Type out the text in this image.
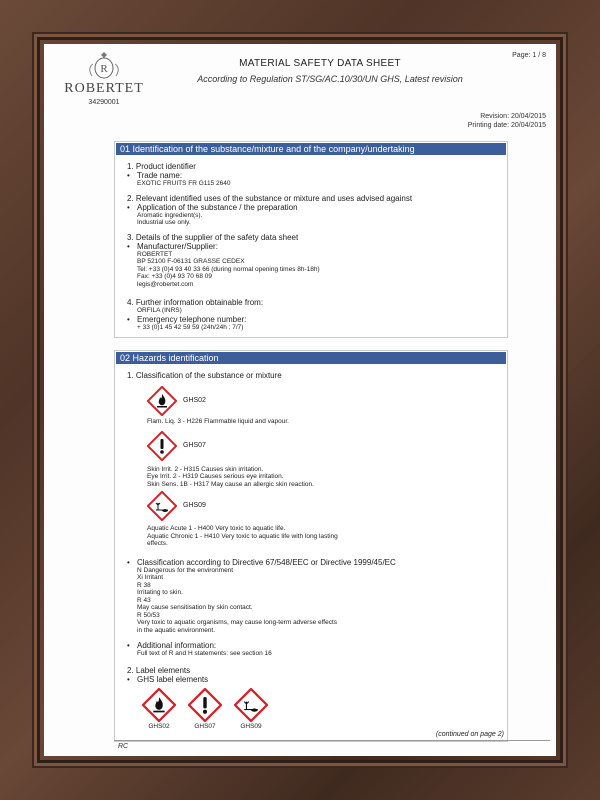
R
ROBERTET
34290001
Page: 1 / 8
MATERIAL SAFETY DATA SHEET
According to Regulation ST/SG/AC.10/30/UN GHS, Latest revision
Revision: 20/04/2015
Printing date: 20/04/2015
01 Identification of the substance/mixture and of the company/undertaking
1. Product identifier
• Trade name:
EXOTIC FRUITS FR G115 2640
2. Relevant identified uses of the substance or mixture and uses advised against
• Application of the substance / the preparation
Aromatic ingredient(s).
Industrial use only.
3. Details of the supplier of the safety data sheet
• Manufacturer/Supplier:
ROBERTET
BP 52100 F-06131 GRASSE CEDEX
Tel: +33 (0)4 93 40 33 66 (during normal opening times 8h-18h)
Fax: +33 (0)4 93 70 68 09
legis@robertet.com
4. Further information obtainable from:
ORFILA (INRS)
• Emergency telephone number:
+ 33 (0)1 45 42 59 59 (24h/24h ; 7/7)
02 Hazards identification
1. Classification of the substance or mixture
GHS02
Flam. Liq. 3 - H226 Flammable liquid and vapour.
GHS07
Skin Irrit. 2 - H315 Causes skin irritation.
Eye Irrit. 2 - H319 Causes serious eye irritation.
Skin Sens. 1B - H317 May cause an allergic skin reaction.
GHS09
Aquatic Acute 1 - H400 Very toxic to aquatic life.
Aquatic Chronic 1 - H410 Very toxic to aquatic life with long lasting
effects.
• Classification according to Directive 67/548/EEC or Directive 1999/45/EC
N Dangerous for the environment
Xi Irritant
R 38
Irritating to skin.
R 43
May cause sensitisation by skin contact.
R 50/53
Very toxic to aquatic organisms, may cause long-term adverse effects
in the aquatic environment.
• Additional information:
Full text of R and H statements: see section 16
2. Label elements
• GHS label elements
GHS02	GHS07	GHS09
(continued on page 2)
RC
